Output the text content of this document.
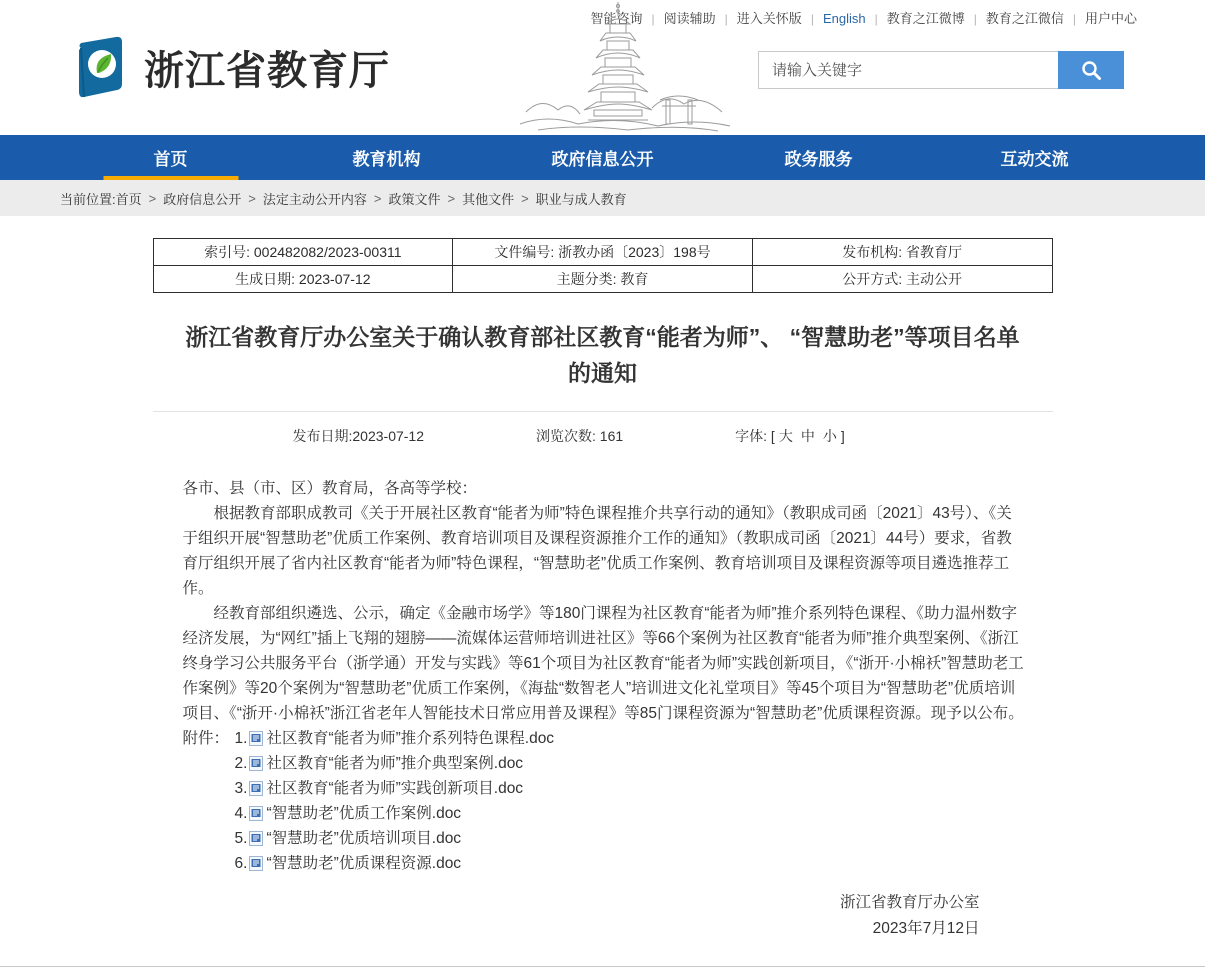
智能咨询 | 阅读辅助 | 进入关怀版 | English | 教育之江微博 | 教育之江微信 | 用户中心
浙江省教育厅
请输入关键字
首页	教育机构	政府信息公开	政务服务	互动交流
当前位置: 首页 > 政府信息公开 > 法定主动公开内容 > 政策文件 > 其他文件 > 职业与成人教育
索引号: 002482082/2023-00311	文件编号: 浙教办函〔2023〕198号	发布机构: 省教育厅
生成日期: 2023-07-12	主题分类: 教育	公开方式: 主动公开
浙江省教育厅办公室关于确认教育部社区教育“能者为师”、 “智慧助老”等项目名单的通知
发布日期:2023-07-12	浏览次数: 161	字体: [ 大 中 小 ]

各市、县（市、区）教育局，各高等学校：

根据教育部职成教司《关于开展社区教育“能者为师”特色课程推介共享行动的通知》（教职成司函〔2021〕43号）、《关于组织开展“智慧助老”优质工作案例、教育培训项目及课程资源推介工作的通知》（教职成司函〔2021〕44号）要求，省教育厅组织开展了省内社区教育“能者为师”特色课程，“智慧助老”优质工作案例、教育培训项目及课程资源等项目遴选推荐工作。

经教育部组织遴选、公示，确定《金融市场学》等180门课程为社区教育“能者为师”推介系列特色课程、《助力温州数字经济发展，为“网红”插上飞翔的翅膀——流媒体运营师培训进社区》等66个案例为社区教育“能者为师”推介典型案例、《浙江终身学习公共服务平台（浙学通）开发与实践》等61个项目为社区教育“能者为师”实践创新项目，《“浙开·小棉袄”智慧助老工作案例》等20个案例为“智慧助老”优质工作案例，《海盐“数智老人”培训进文化礼堂项目》等45个项目为“智慧助老”优质培训项目、《“浙开·小棉袄”浙江省老年人智能技术日常应用普及课程》等85门课程资源为“智慧助老”优质课程资源。现予以公布。

附件： 1. 社区教育“能者为师”推介系列特色课程.doc
2. 社区教育“能者为师”推介典型案例.doc
3. 社区教育“能者为师”实践创新项目.doc
4. “智慧助老”优质工作案例.doc
5. “智慧助老”优质培训项目.doc
6. “智慧助老”优质课程资源.doc
浙江省教育厅办公室
2023年7月12日
